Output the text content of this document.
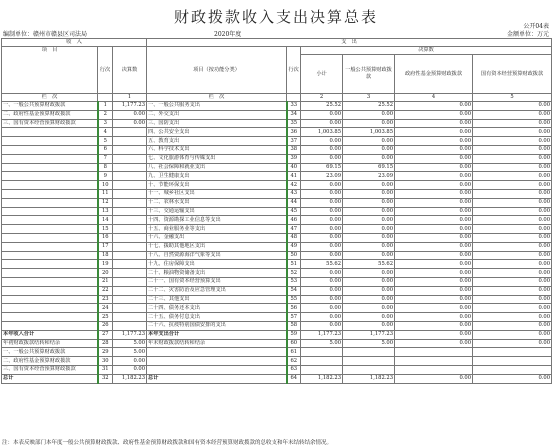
财政拨款收入支出决算总表
公开04表
编制单位：赣州市赣县区司法局	2020年度	金额单位：万元
收　入			支　出					
项　目	行次	决算数	项目（按功能分类）	行次	决算数			
					小计	一般公共预算财政拨款	政府性基金预算财政拨款	国有资本经营预算财政拨款
栏　次		1	栏　次		2	3	4	5
一、一般公共预算财政拨款	1	1,177.23	一、一般公共服务支出	33	25.52	25.52	0.00	0.00
二、政府性基金预算财政拨款	2	0.00	二、外交支出	34	0.00	0.00	0.00	0.00
三、国有资本经营预算财政拨款	3	0.00	三、国防支出	35	0.00	0.00	0.00	0.00
	4		四、公共安全支出	36	1,003.85	1,003.85	0.00	0.00
	5		五、教育支出	37	0.00	0.00	0.00	0.00
	6		六、科学技术支出	38	0.00	0.00	0.00	0.00
	7		七、文化旅游体育与传媒支出	39	0.00	0.00	0.00	0.00
	8		八、社会保障和就业支出	40	69.15	69.15	0.00	0.00
	9		九、卫生健康支出	41	23.09	23.09	0.00	0.00
	10		十、节能环保支出	42	0.00	0.00	0.00	0.00
	11		十一、城乡社区支出	43	0.00	0.00	0.00	0.00
	12		十二、农林水支出	44	0.00	0.00	0.00	0.00
	13		十三、交通运输支出	45	0.00	0.00	0.00	0.00
	14		十四、资源勘探工业信息等支出	46	0.00	0.00	0.00	0.00
	15		十五、商业服务业等支出	47	0.00	0.00	0.00	0.00
	16		十六、金融支出	48	0.00	0.00	0.00	0.00
	17		十七、援助其他地区支出	49	0.00	0.00	0.00	0.00
	18		十八、自然资源海洋气象等支出	50	0.00	0.00	0.00	0.00
	19		十九、住房保障支出	51	55.62	55.62	0.00	0.00
	20		二十、粮油物资储备支出	52	0.00	0.00	0.00	0.00
	21		二十一、国有资本经营预算支出	53	0.00	0.00	0.00	0.00
	22		二十二、灾害防治及应急管理支出	54	0.00	0.00	0.00	0.00
	23		二十三、其他支出	55	0.00	0.00	0.00	0.00
	24		二十四、债务还本支出	56	0.00	0.00	0.00	0.00
	25		二十五、债务付息支出	57	0.00	0.00	0.00	0.00
	26		二十六、抗疫特别国债安排的支出	58	0.00	0.00	0.00	0.00
本年收入合计	27	1,177.23	本年支出合计	59	1,177.23	1,177.23	0.00	0.00
年初财政拨款结转和结余	28	5.00	年末财政拨款结转和结余	60	5.00	5.00	0.00	0.00
一、一般公共预算财政拨款	29	5.00		61				
二、政府性基金预算财政拨款	30	0.00		62				
三、国有资本经营预算财政拨款	31	0.00		63				
总计	32	1,182.23	总计	64	1,182.23	1,182.23	0.00	0.00
注：本表反映部门本年度一般公共预算财政拨款、政府性基金预算财政拨款和国有资本经营预算财政拨款的总收支和年末结转结余情况。
